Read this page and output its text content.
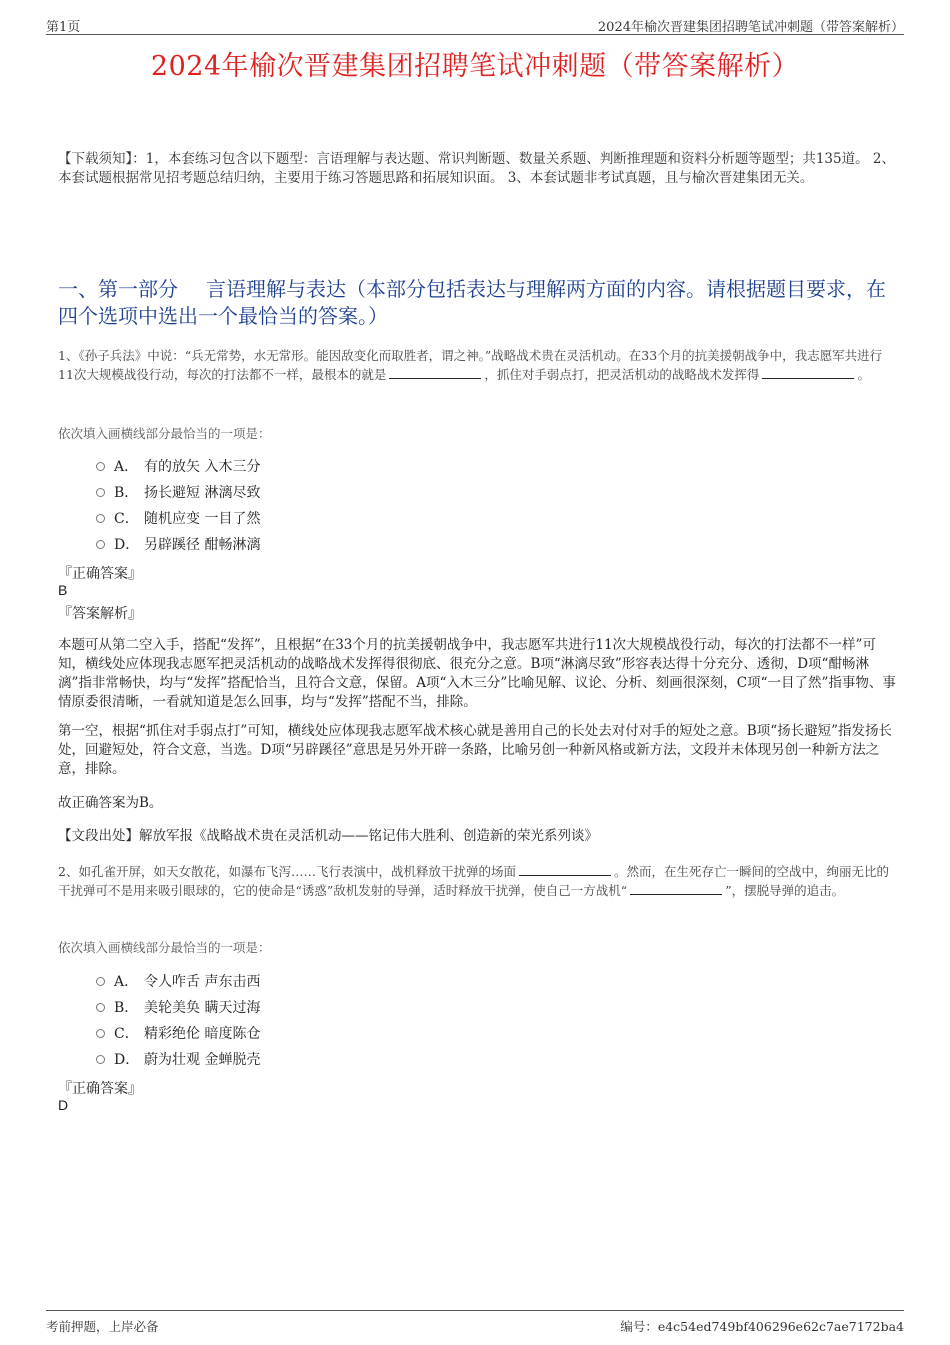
第1页	2024年榆次晋建集团招聘笔试冲刺题（带答案解析）
2024年榆次晋建集团招聘笔试冲刺题（带答案解析）
【下载须知】：1，本套练习包含以下题型：言语理解与表达题、常识判断题、数量关系题、判断推理题和资料分析题等题型；共135道。 2、本套试题根据常见招考题总结归纳，主要用于练习答题思路和拓展知识面。 3、本套试题非考试真题，且与榆次晋建集团无关。
一、第一部分 言语理解与表达（本部分包括表达与理解两方面的内容。请根据题目要求，在四个选项中选出一个最恰当的答案。）
1、《孙子兵法》中说：“兵无常势，水无常形。能因敌变化而取胜者，谓之神。”战略战术贵在灵活机动。在33个月的抗美援朝战争中，我志愿军共进行11次大规模战役行动，每次的打法都不一样，最根本的就是	，抓住对手弱点打，把灵活机动的战略战术发挥得	。
依次填入画横线部分最恰当的一项是：
A． 有的放矢 入木三分
B． 扬长避短 淋漓尽致
C． 随机应变 一目了然
D． 另辟蹊径 酣畅淋漓
『正确答案』
B
『答案解析』
本题可从第二空入手，搭配“发挥”，且根据“在33个月的抗美援朝战争中，我志愿军共进行11次大规模战役行动，每次的打法都不一样”可知，横线处应体现我志愿军把灵活机动的战略战术发挥得很彻底、很充分之意。B项“淋漓尽致”形容表达得十分充分、透彻，D项“酣畅淋漓”指非常畅快，均与“发挥”搭配恰当，且符合文意，保留。A项“入木三分”比喻见解、议论、分析、刻画很深刻，C项“一目了然”指事物、事情原委很清晰，一看就知道是怎么回事，均与“发挥”搭配不当，排除。
第一空，根据“抓住对手弱点打”可知，横线处应体现我志愿军战术核心就是善用自己的长处去对付对手的短处之意。B项“扬长避短”指发扬长处，回避短处，符合文意，当选。D项“另辟蹊径”意思是另外开辟一条路，比喻另创一种新风格或新方法，文段并未体现另创一种新方法之意，排除。
故正确答案为B。
【文段出处】解放军报《战略战术贵在灵活机动——铭记伟大胜利、创造新的荣光系列谈》
2、如孔雀开屏，如天女散花，如瀑布飞泻……飞行表演中，战机释放干扰弹的场面	。然而，在生死存亡一瞬间的空战中，绚丽无比的干扰弹可不是用来吸引眼球的，它的使命是“诱惑”敌机发射的导弹，适时释放干扰弹，使自己一方战机“	”，摆脱导弹的追击。
依次填入画横线部分最恰当的一项是：
A． 令人咋舌 声东击西
B． 美轮美奂 瞒天过海
C． 精彩绝伦 暗度陈仓
D． 蔚为壮观 金蝉脱壳
『正确答案』
D
考前押题，上岸必备	编号：e4c54ed749bf406296e62c7ae7172ba4
